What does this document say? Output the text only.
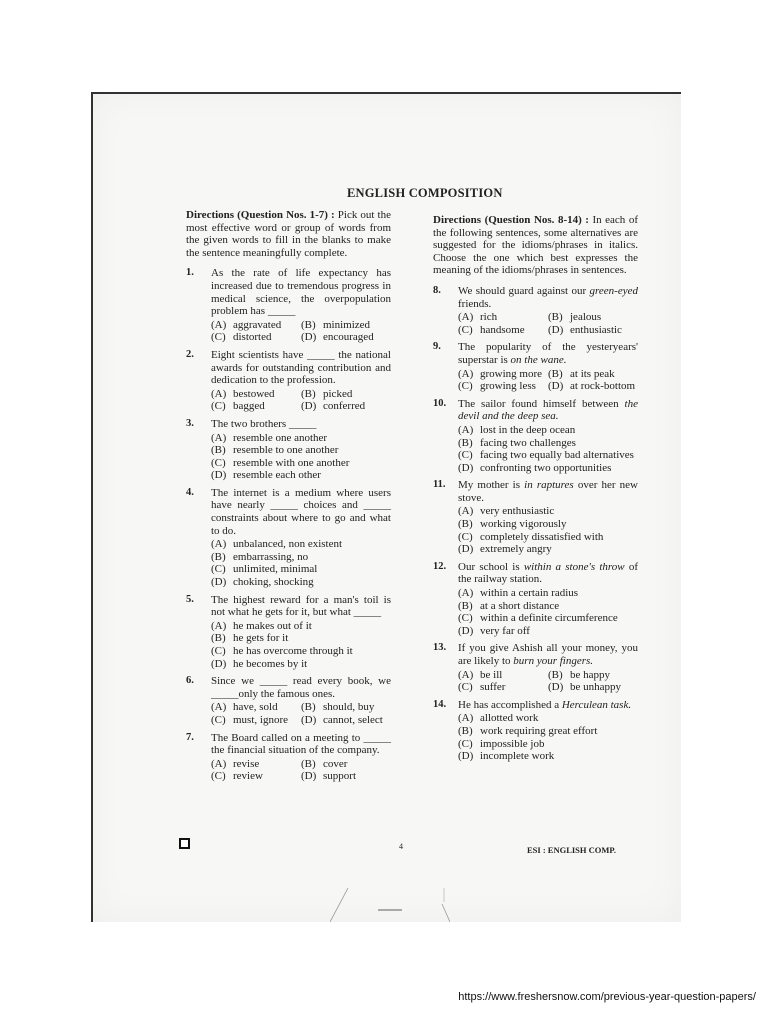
ENGLISH COMPOSITION
Directions (Question Nos. 1-7) : Pick out the most effective word or group of words from the given words to fill in the blanks to make the sentence meaningfully complete.
1. As the rate of life expectancy has increased due to tremendous progress in medical science, the overpopulation problem has _____
(A) aggravated (B) minimized
(C) distorted	(D) encouraged
2. Eight scientists have _____ the national awards for outstanding contribution and dedication to the profession.
(A) bestowed (B) picked
(C) bagged	(D) conferred
3. The two brothers _____
(A) resemble one another
(B) resemble to one another
(C) resemble with one another
(D) resemble each other
4. The internet is a medium where users have nearly _____ choices and _____ constraints about where to go and what to do.
(A) unbalanced, non existent
(B) embarrassing, no
(C) unlimited, minimal
(D) choking, shocking
5. The highest reward for a man's toil is not what he gets for it, but what _____
(A) he makes out of it
(B) he gets for it
(C) he has overcome through it
(D) he becomes by it
6. Since we _____ read every book, we _____only the famous ones.
(A) have, sold (B) should, buy
(C) must, ignore (D) cannot, select
7. The Board called on a meeting to _____ the financial situation of the company.
(A) revise	(B) cover
(C) review	(D) support
Directions (Question Nos. 8-14) : In each of the following sentences, some alternatives are suggested for the idioms/phrases in italics. Choose the one which best expresses the meaning of the idioms/phrases in sentences.
8. We should guard against our green-eyed friends.
(A) rich	(B) jealous
(C) handsome (D) enthusiastic
9. The popularity of the yesteryears' superstar is on the wane.
(A) growing more (B) at its peak
(C) growing less (D) at rock-bottom
10. The sailor found himself between the devil and the deep sea.
(A) lost in the deep ocean
(B) facing two challenges
(C) facing two equally bad alternatives
(D) confronting two opportunities
11. My mother is in raptures over her new stove.
(A) very enthusiastic
(B) working vigorously
(C) completely dissatisfied with
(D) extremely angry
12. Our school is within a stone's throw of the railway station.
(A) within a certain radius
(B) at a short distance
(C) within a definite circumference
(D) very far off
13. If you give Ashish all your money, you are likely to burn your fingers.
(A) be ill	(B) be happy
(C) suffer	(D) be unhappy
14. He has accomplished a Herculean task.
(A) allotted work
(B) work requiring great effort
(C) impossible job
(D) incomplete work
4	ESI : ENGLISH COMP.
https://www.freshersnow.com/previous-year-question-papers/
